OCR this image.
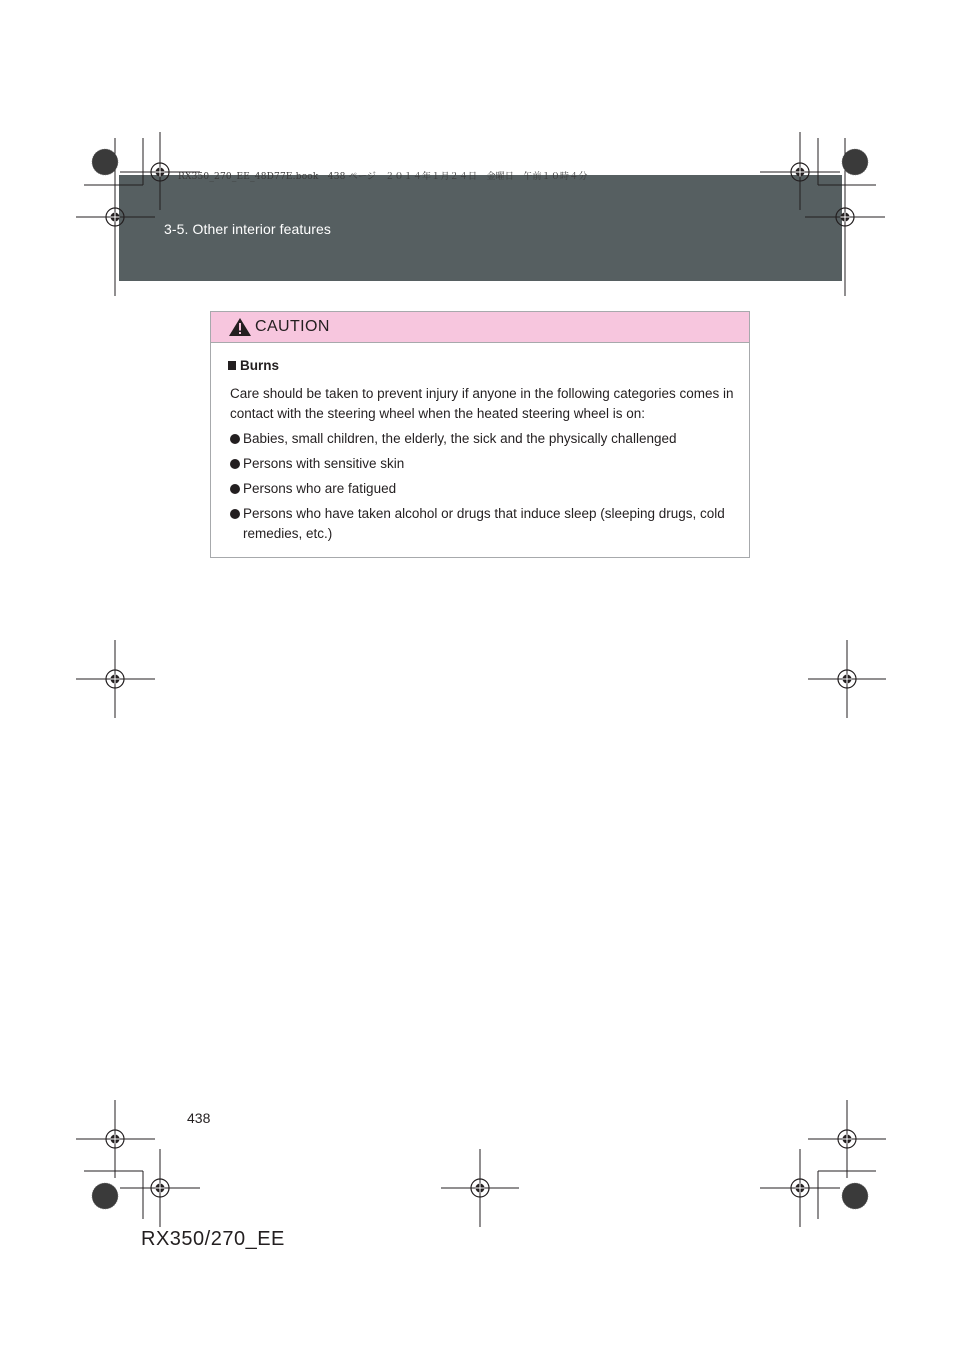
RX350_270_EE_48D77E.book　438 ページ　２０１４年１月２４日　金曜日　午前１０時４分
3-5. Other interior features
CAUTION
Burns
Care should be taken to prevent injury if anyone in the following categories comes in contact with the steering wheel when the heated steering wheel is on:
Babies, small children, the elderly, the sick and the physically challenged
Persons with sensitive skin
Persons who are fatigued
Persons who have taken alcohol or drugs that induce sleep (sleeping drugs, cold remedies, etc.)
438
RX350/270_EE
